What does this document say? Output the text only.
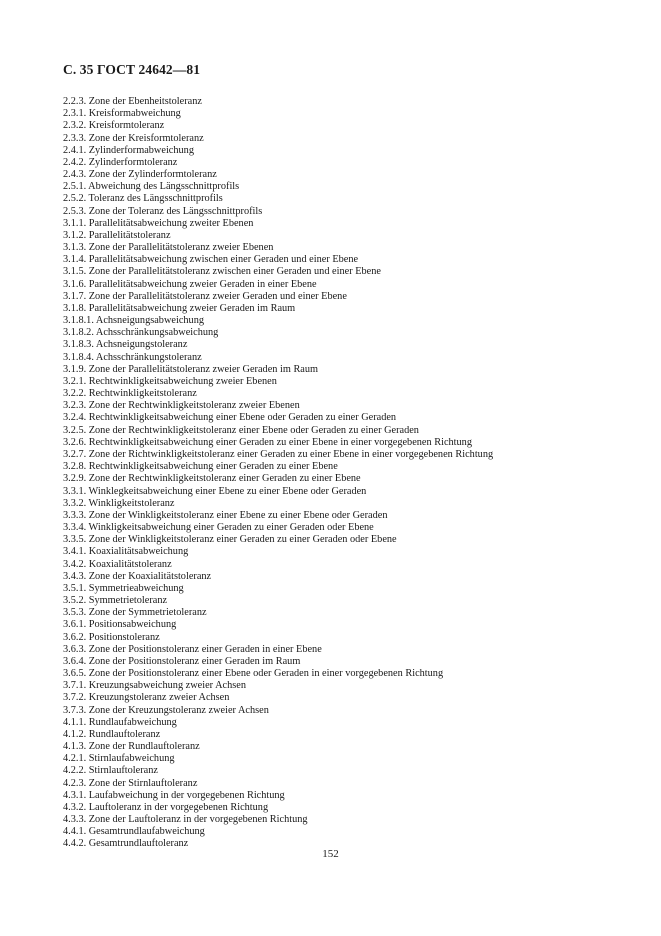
С. 35 ГОСТ 24642—81
2.2.3. Zone der Ebenheitstoleranz
2.3.1. Kreisformabweichung
2.3.2. Kreisformtoleranz
2.3.3. Zone der Kreisformtoleranz
2.4.1. Zylinderformabweichung
2.4.2. Zylinderformtoleranz
2.4.3. Zone der Zylinderformtoleranz
2.5.1. Abweichung des Längsschnittprofils
2.5.2. Toleranz des Längsschnittprofils
2.5.3. Zone der Toleranz des Längsschnittprofils
3.1.1. Parallelitätsabweichung zweiter Ebenen
3.1.2. Parallelitätstoleranz
3.1.3. Zone der Parallelitätstoleranz zweier Ebenen
3.1.4. Parallelitätsabweichung zwischen einer Geraden und einer Ebene
3.1.5. Zone der Parallelitätstoleranz zwischen einer Geraden und einer Ebene
3.1.6. Parallelitätsabweichung zweier Geraden in einer Ebene
3.1.7. Zone der Parallelitätstoleranz zweier Geraden und einer Ebene
3.1.8. Parallelitätsabweichung zweier Geraden im Raum
3.1.8.1. Achsneigungsabweichung
3.1.8.2. Achsschränkungsabweichung
3.1.8.3. Achsneigungstoleranz
3.1.8.4. Achsschränkungstoleranz
3.1.9. Zone der Parallelitätstoleranz zweier Geraden im Raum
3.2.1. Rechtwinkligkeitsabweichung zweier Ebenen
3.2.2. Rechtwinkligkeitstoleranz
3.2.3. Zone der Rechtwinkligkeitstoleranz zweier Ebenen
3.2.4. Rechtwinkligkeitsabweichung einer Ebene oder Geraden zu einer Geraden
3.2.5. Zone der Rechtwinkligkeitstoleranz einer Ebene oder Geraden zu einer Geraden
3.2.6. Rechtwinkligkeitsabweichung einer Geraden zu einer Ebene in einer vorgegebenen Richtung
3.2.7. Zone der Richtwinkligkeitstoleranz einer Geraden zu einer Ebene in einer vorgegebenen Richtung
3.2.8. Rechtwinkligkeitsabweichung einer Geraden zu einer Ebene
3.2.9. Zone der Rechtwinkligkeitstoleranz einer Geraden zu einer Ebene
3.3.1. Winklegkeitsabweichung einer Ebene zu einer Ebene oder Geraden
3.3.2. Winkligkeitstoleranz
3.3.3. Zone der Winkligkeitstoleranz einer Ebene zu einer Ebene oder Geraden
3.3.4. Winkligkeitsabweichung einer Geraden zu einer Geraden oder Ebene
3.3.5. Zone der Winkligkeitstoleranz einer Geraden zu einer Geraden oder Ebene
3.4.1. Koaxialitätsabweichung
3.4.2. Koaxialitätstoleranz
3.4.3. Zone der Koaxialitätstoleranz
3.5.1. Symmetrieabweichung
3.5.2. Symmetrietoleranz
3.5.3. Zone der Symmetrietoleranz
3.6.1. Positionsabweichung
3.6.2. Positionstoleranz
3.6.3. Zone der Positionstoleranz einer Geraden in einer Ebene
3.6.4. Zone der Positionstoleranz einer Geraden im Raum
3.6.5. Zone der Positionstoleranz einer Ebene oder Geraden in einer vorgegebenen Richtung
3.7.1. Kreuzungsabweichung zweier Achsen
3.7.2. Kreuzungstoleranz zweier Achsen
3.7.3. Zone der Kreuzungstoleranz zweier Achsen
4.1.1. Rundlaufabweichung
4.1.2. Rundlauftoleranz
4.1.3. Zone der Rundlauftoleranz
4.2.1. Stirnlaufabweichung
4.2.2. Stirnlauftoleranz
4.2.3. Zone der Stirnlauftoleranz
4.3.1. Laufabweichung in der vorgegebenen Richtung
4.3.2. Lauftoleranz in der vorgegebenen Richtung
4.3.3. Zone der Lauftoleranz in der vorgegebenen Richtung
4.4.1. Gesamtrundlaufabweichung
4.4.2. Gesamtrundlauftoleranz
152
